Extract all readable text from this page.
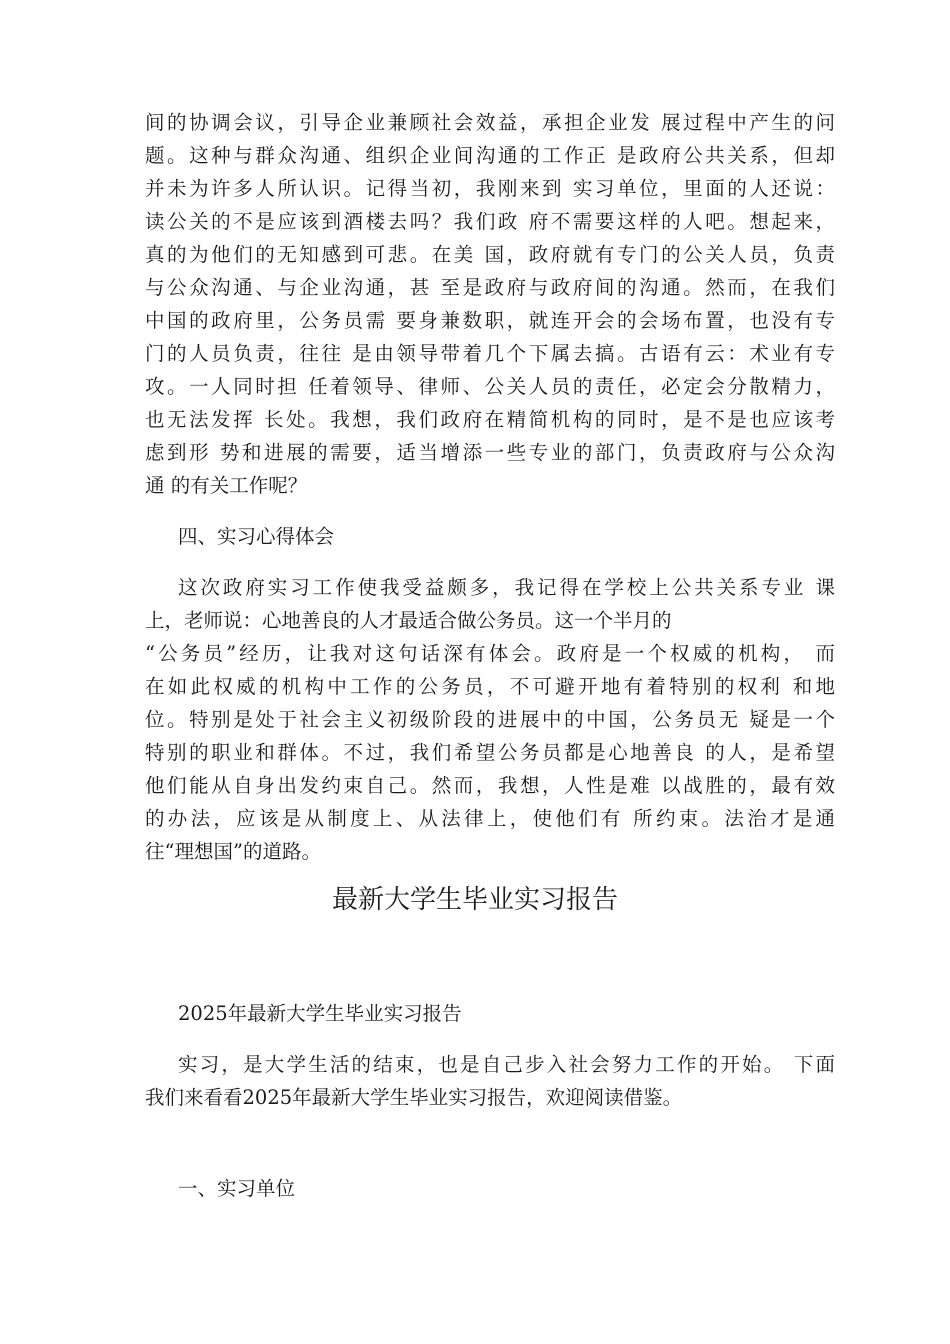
间的协调会议，引导企业兼顾社会效益，承担企业发 展过程中产生的问
题。这种与群众沟通、组织企业间沟通的工作正 是政府公共关系，但却
并未为许多人所认识。记得当初，我刚来到 实习单位，里面的人还说：
读公关的不是应该到酒楼去吗？我们政 府不需要这样的人吧。想起来，
真的为他们的无知感到可悲。在美 国，政府就有专门的公关人员，负责
与公众沟通、与企业沟通，甚 至是政府与政府间的沟通。然而，在我们
中国的政府里，公务员需 要身兼数职，就连开会的会场布置，也没有专
门的人员负责，往往 是由领导带着几个下属去搞。古语有云：术业有专
攻。一人同时担 任着领导、律师、公关人员的责任，必定会分散精力，
也无法发挥 长处。我想，我们政府在精简机构的同时，是不是也应该考
虑到形 势和进展的需要，适当增添一些专业的部门，负责政府与公众沟
通 的有关工作呢？
四、实习心得体会
这次政府实习工作使我受益颇多，我记得在学校上公共关系专业 课
上，老师说：心地善良的人才最适合做公务员。这一个半月的
“公务员”经历，让我对这句话深有体会。政府是一个权威的机构， 而
在如此权威的机构中工作的公务员，不可避开地有着特别的权利 和地
位。特别是处于社会主义初级阶段的进展中的中国，公务员无 疑是一个
特别的职业和群体。不过，我们希望公务员都是心地善良 的人，是希望
他们能从自身出发约束自己。然而，我想，人性是难 以战胜的，最有效
的办法，应该是从制度上、从法律上，使他们有 所约束。法治才是通
往“理想国”的道路。
最新大学生毕业实习报告
2025年最新大学生毕业实习报告
实习，是大学生活的结束，也是自己步入社会努力工作的开始。 下面
我们来看看2025年最新大学生毕业实习报告，欢迎阅读借鉴。
一、实习单位
